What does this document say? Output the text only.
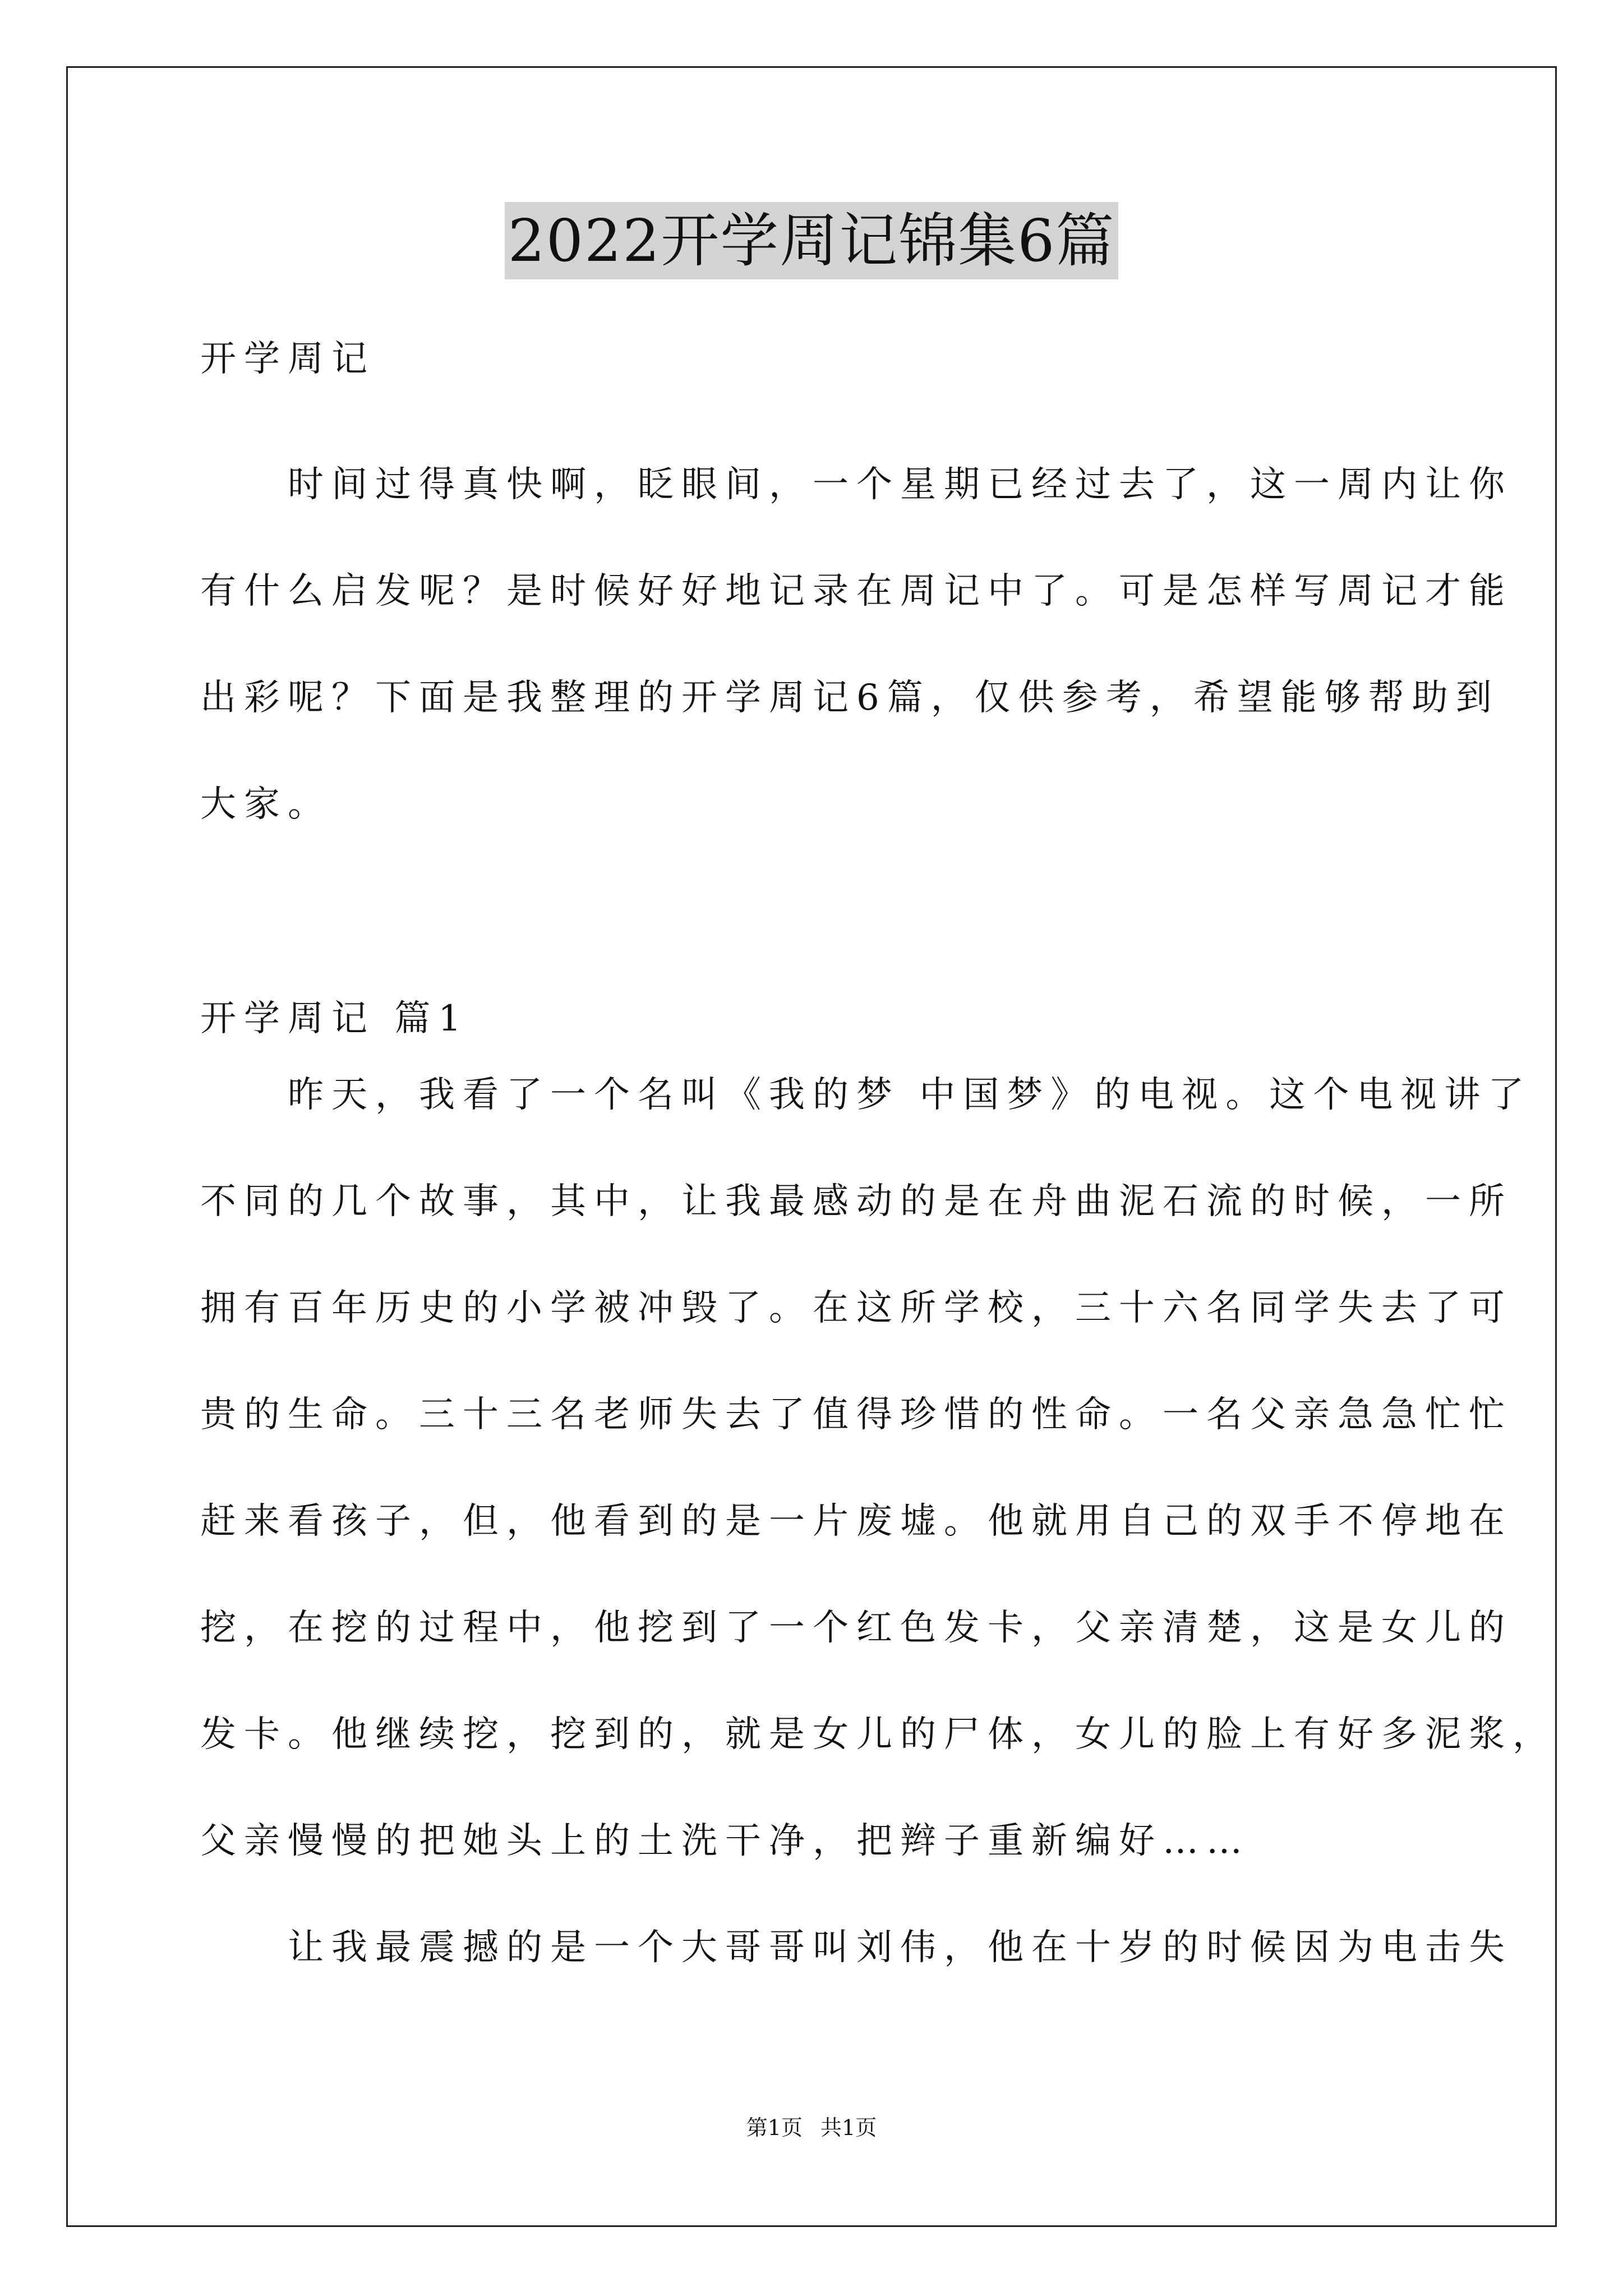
2022开学周记锦集6篇
开学周记
　　时间过得真快啊，眨眼间，一个星期已经过去了，这一周内让你
有什么启发呢？是时候好好地记录在周记中了。可是怎样写周记才能
出彩呢？下面是我整理的开学周记6篇，仅供参考，希望能够帮助到
大家。
开学周记 篇1
　　昨天，我看了一个名叫《我的梦 中国梦》的电视。这个电视讲了
不同的几个故事，其中，让我最感动的是在舟曲泥石流的时候，一所
拥有百年历史的小学被冲毁了。在这所学校，三十六名同学失去了可
贵的生命。三十三名老师失去了值得珍惜的性命。一名父亲急急忙忙
赶来看孩子，但，他看到的是一片废墟。他就用自己的双手不停地在
挖，在挖的过程中，他挖到了一个红色发卡，父亲清楚，这是女儿的
发卡。他继续挖，挖到的，就是女儿的尸体，女儿的脸上有好多泥浆，
父亲慢慢的把她头上的土洗干净，把辫子重新编好……
　　让我最震撼的是一个大哥哥叫刘伟，他在十岁的时候因为电击失
第1页 共1页
